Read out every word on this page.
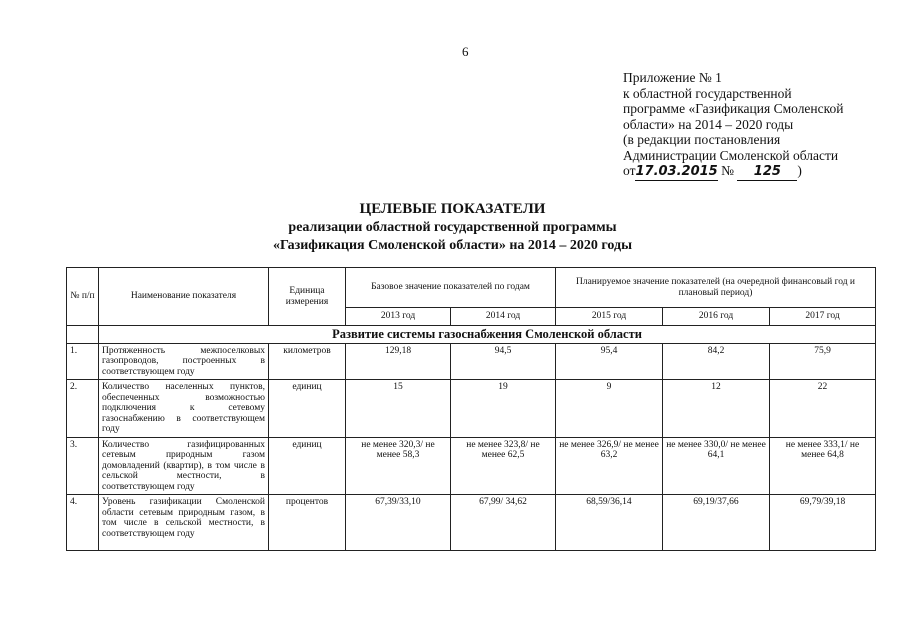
6
Приложение № 1
к областной государственной
программе «Газификация Смоленской
области» на 2014 – 2020 годы
(в редакции постановления
Администрации Смоленской области
от17.03.2015 № 125 )
ЦЕЛЕВЫЕ ПОКАЗАТЕЛИ
реализации областной государственной программы
«Газификация Смоленской области» на 2014 – 2020 годы
№ п/п	Наименование показателя	Единица измерения	Базовое значение показателей по годам		Планируемое значение показателей (на очередной финансовый год и плановый период)		
			2013 год	2014 год	2015 год	2016 год	2017 год
	Развитие системы газоснабжения Смоленской области						
1.	Протяженность межпоселковых газопроводов, построенных в соответствующем году	километров	129,18	94,5	95,4	84,2	75,9
2.	Количество населенных пунктов, обеспеченных возможностью подключения к сетевому газоснабжению в соответствующем году	единиц	15	19	9	12	22
3.	Количество газифицированных сетевым природным газом домовладений (квартир), в том числе в сельской местности, в соответствующем году	единиц	не менее 320,3/ не менее 58,3	не менее 323,8/ не менее 62,5	не менее 326,9/ не менее 63,2	не менее 330,0/ не менее 64,1	не менее 333,1/ не менее 64,8
4.	Уровень газификации Смоленской области сетевым природным газом, в том числе в сельской местности, в соответствующем году	процентов	67,39/33,10	67,99/ 34,62	68,59/36,14	69,19/37,66	69,79/39,18
